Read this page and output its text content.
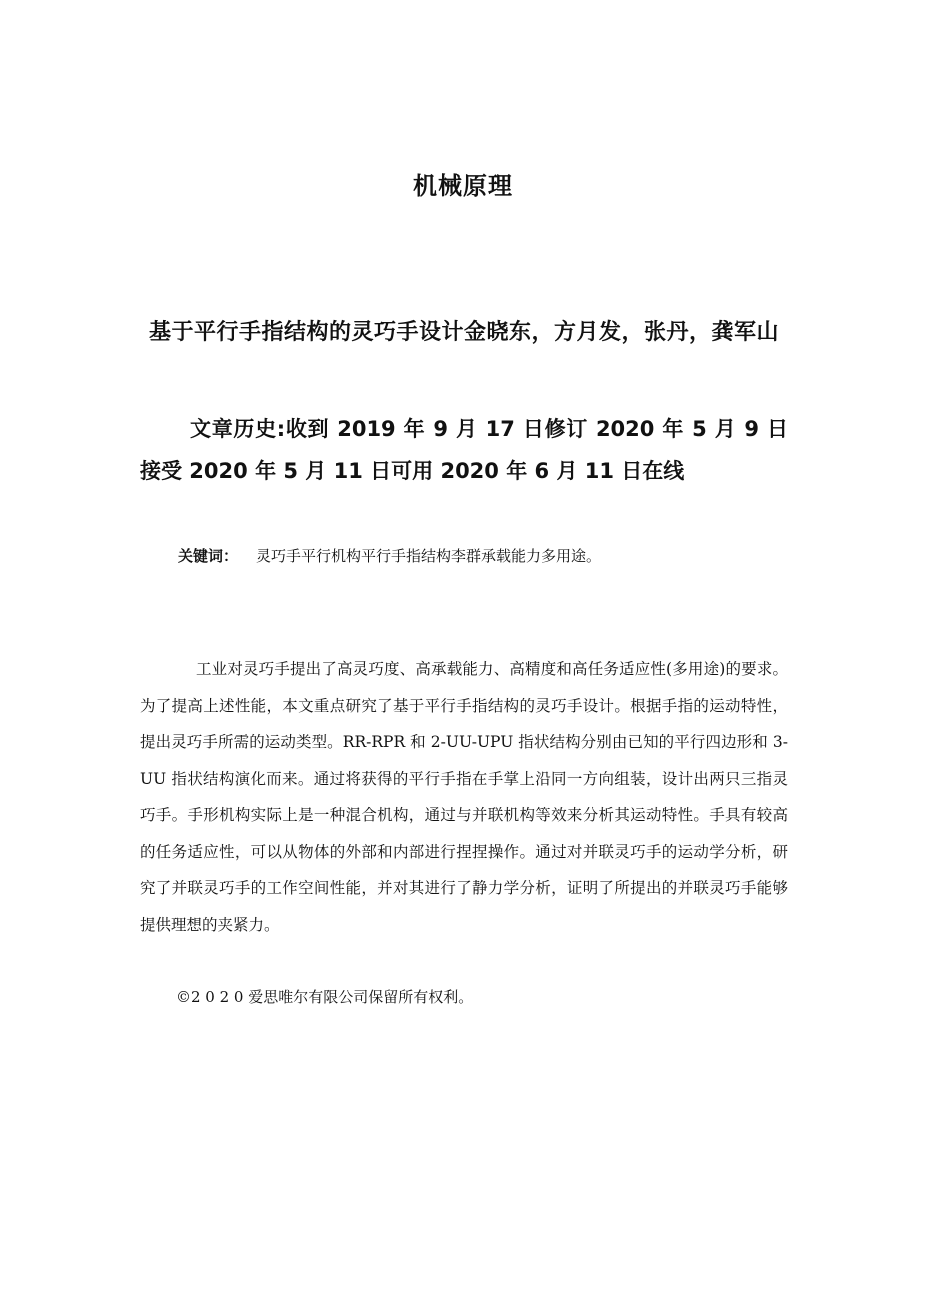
机械原理
基于平行手指结构的灵巧手设计金晓东，方月发，张丹，龚军山
文章历史:收到 2019 年 9 月 17 日修订 2020 年 5 月 9 日接受 2020 年 5 月 11 日可用 2020 年 6 月 11 日在线
关键词： 灵巧手平行机构平行手指结构李群承载能力多用途。

工业对灵巧手提出了高灵巧度、高承载能力、高精度和高任务适应性(多用途)的要求。为了提高上述性能，本文重点研究了基于平行手指结构的灵巧手设计。根据手指的运动特性，提出灵巧手所需的运动类型。RR-RPR 和 2-UU-UPU 指状结构分别由已知的平行四边形和 3-UU 指状结构演化而来。通过将获得的平行手指在手掌上沿同一方向组装，设计出两只三指灵巧手。手形机构实际上是一种混合机构，通过与并联机构等效来分析其运动特性。手具有较高的任务适应性，可以从物体的外部和内部进行捏捏操作。通过对并联灵巧手的运动学分析，研究了并联灵巧手的工作空间性能，并对其进行了静力学分析，证明了所提出的并联灵巧手能够提供理想的夹紧力。

©2 0 2 0 爱思唯尔有限公司保留所有权利。
